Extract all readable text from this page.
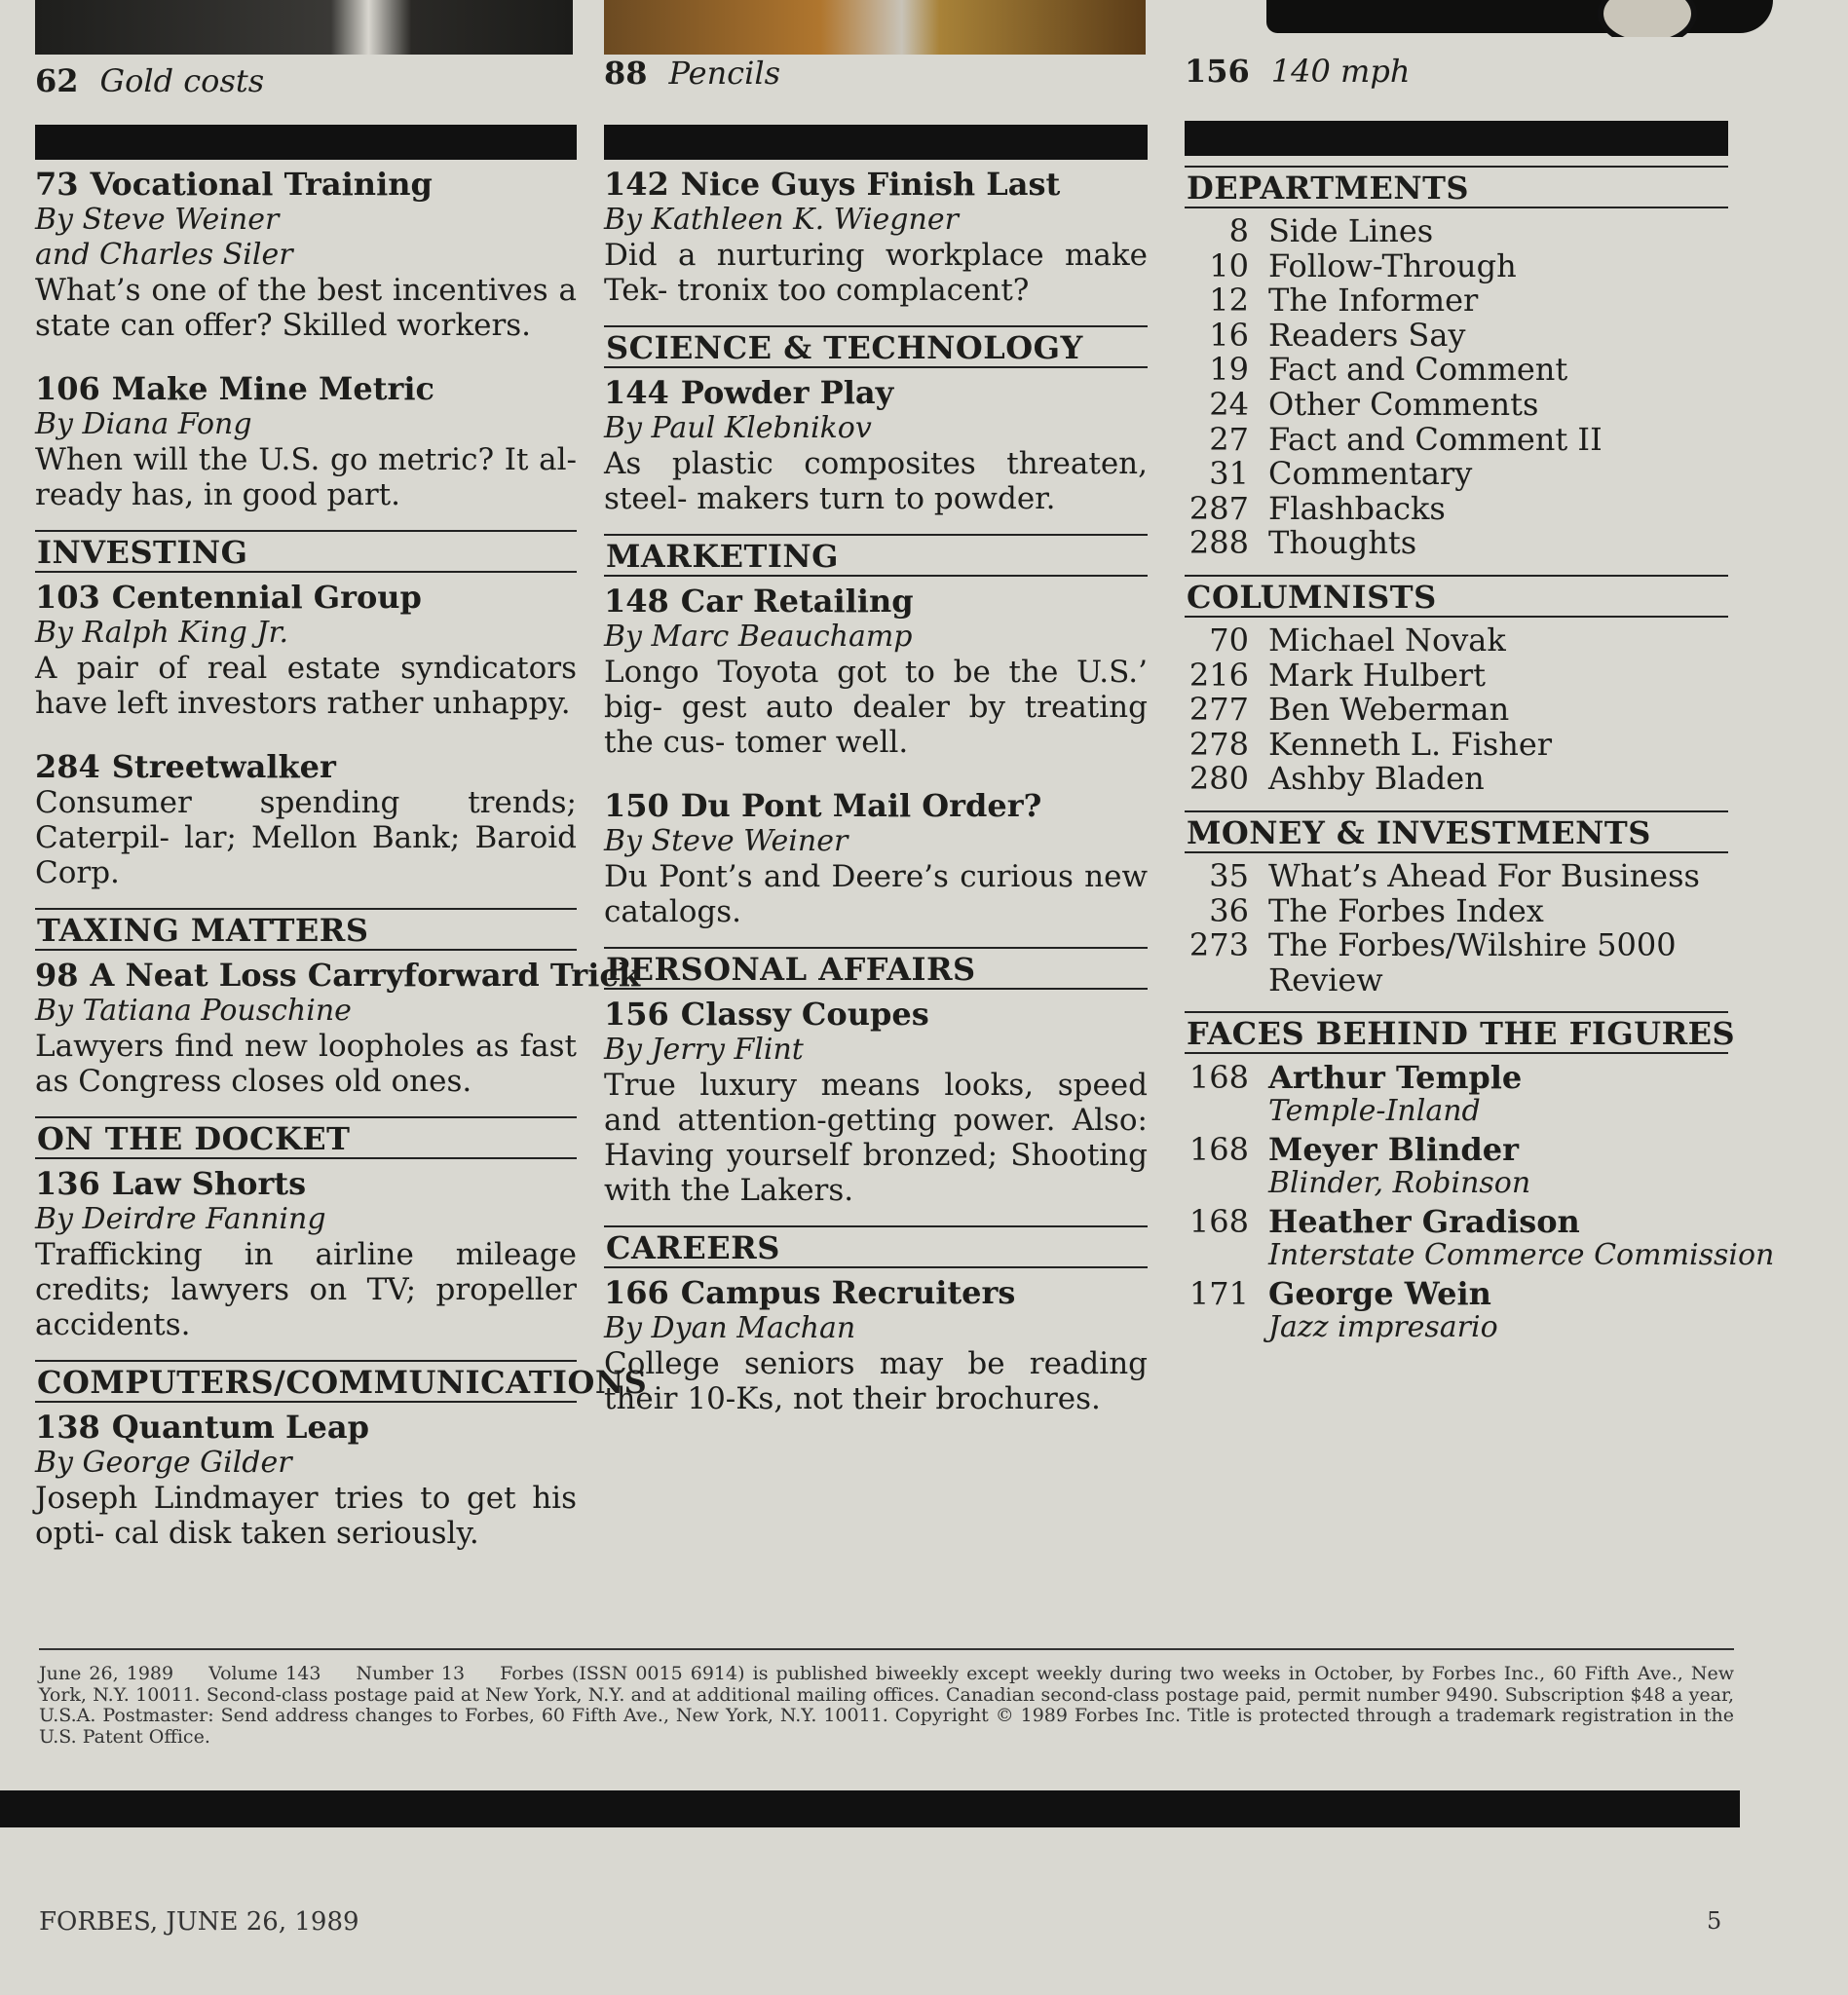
62 Gold costs	88 Pencils	156 140 mph
73 Vocational Training
By Steve Weiner
and Charles Siler
What’s one of the best incentives a state can offer? Skilled workers.
106 Make Mine Metric
By Diana Fong
When will the U.S. go metric? It al- ready has, in good part.
INVESTING
103 Centennial Group
By Ralph King Jr.
A pair of real estate syndicators have left investors rather unhappy.
284 Streetwalker
Consumer spending trends; Caterpil- lar; Mellon Bank; Baroid Corp.
TAXING MATTERS
98 A Neat Loss Carryforward Trick
By Tatiana Pouschine
Lawyers find new loopholes as fast as Congress closes old ones.
ON THE DOCKET
136 Law Shorts
By Deirdre Fanning
Trafficking in airline mileage credits; lawyers on TV; propeller accidents.
COMPUTERS/COMMUNICATIONS
138 Quantum Leap
By George Gilder
Joseph Lindmayer tries to get his opti- cal disk taken seriously.
142 Nice Guys Finish Last
By Kathleen K. Wiegner
Did a nurturing workplace make Tek- tronix too complacent?
SCIENCE & TECHNOLOGY
144 Powder Play
By Paul Klebnikov
As plastic composites threaten, steel- makers turn to powder.
MARKETING
148 Car Retailing
By Marc Beauchamp
Longo Toyota got to be the U.S.’ big- gest auto dealer by treating the cus- tomer well.
150 Du Pont Mail Order?
By Steve Weiner
Du Pont’s and Deere’s curious new catalogs.
PERSONAL AFFAIRS
156 Classy Coupes
By Jerry Flint
True luxury means looks, speed and attention-getting power. Also: Having yourself bronzed; Shooting with the Lakers.
CAREERS
166 Campus Recruiters
By Dyan Machan
College seniors may be reading their 10-Ks, not their brochures.
DEPARTMENTS
8 Side Lines
10 Follow-Through
12 The Informer
16 Readers Say
19 Fact and Comment
24 Other Comments
27 Fact and Comment II
31 Commentary
287 Flashbacks
288 Thoughts
COLUMNISTS
70 Michael Novak
216 Mark Hulbert
277 Ben Weberman
278 Kenneth L. Fisher
280 Ashby Bladen
MONEY & INVESTMENTS
35 What’s Ahead For Business
36 The Forbes Index
273 The Forbes/Wilshire 5000
Review
FACES BEHIND THE FIGURES
168 Arthur Temple
Temple-Inland
168 Meyer Blinder
Blinder, Robinson
168 Heather Gradison
Interstate Commerce Commission
171 George Wein
Jazz impresario
June 26, 1989 Volume 143 Number 13 Forbes (ISSN 0015 6914) is published biweekly except weekly during two weeks in October, by Forbes Inc., 60 Fifth Ave., New York, N.Y. 10011. Second-class postage paid at New York, N.Y. and at additional mailing offices. Canadian second-class postage paid, permit number 9490. Subscription $48 a year, U.S.A. Postmaster: Send address changes to Forbes, 60 Fifth Ave., New York, N.Y. 10011. Copyright © 1989 Forbes Inc. Title is protected through a trademark registration in the U.S. Patent Office.
FORBES, JUNE 26, 1989	5
